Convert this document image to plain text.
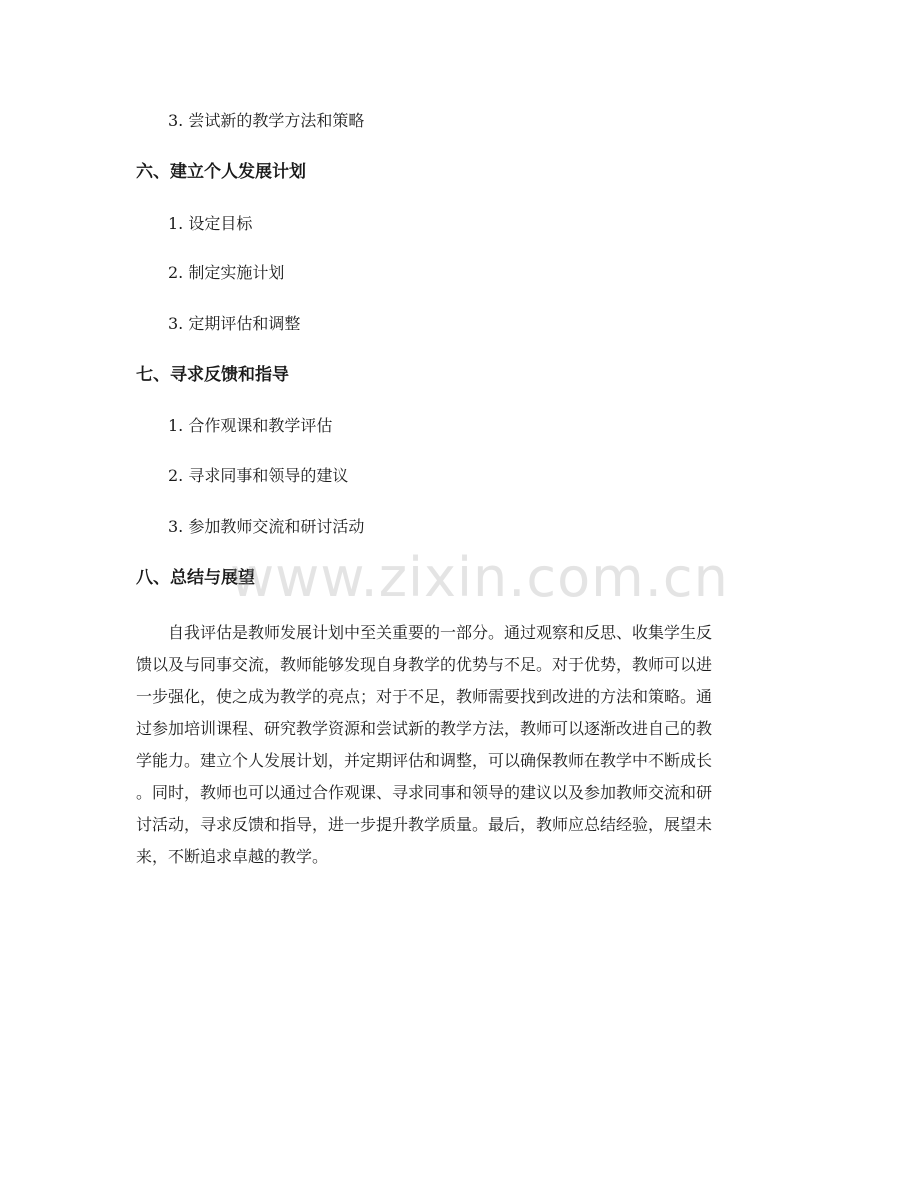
3. 尝试新的教学方法和策略
六、建立个人发展计划
1. 设定目标
2. 制定实施计划
3. 定期评估和调整
七、寻求反馈和指导
1. 合作观课和教学评估
2. 寻求同事和领导的建议
3. 参加教师交流和研讨活动
八、总结与展望
自我评估是教师发展计划中至关重要的一部分。通过观察和反思、收集学生反
馈以及与同事交流，教师能够发现自身教学的优势与不足。对于优势，教师可以进
一步强化，使之成为教学的亮点；对于不足，教师需要找到改进的方法和策略。通
过参加培训课程、研究教学资源和尝试新的教学方法，教师可以逐渐改进自己的教
学能力。建立个人发展计划，并定期评估和调整，可以确保教师在教学中不断成长
。同时，教师也可以通过合作观课、寻求同事和领导的建议以及参加教师交流和研
讨活动，寻求反馈和指导，进一步提升教学质量。最后，教师应总结经验，展望未
来，不断追求卓越的教学。
www.zixin.com.cn
